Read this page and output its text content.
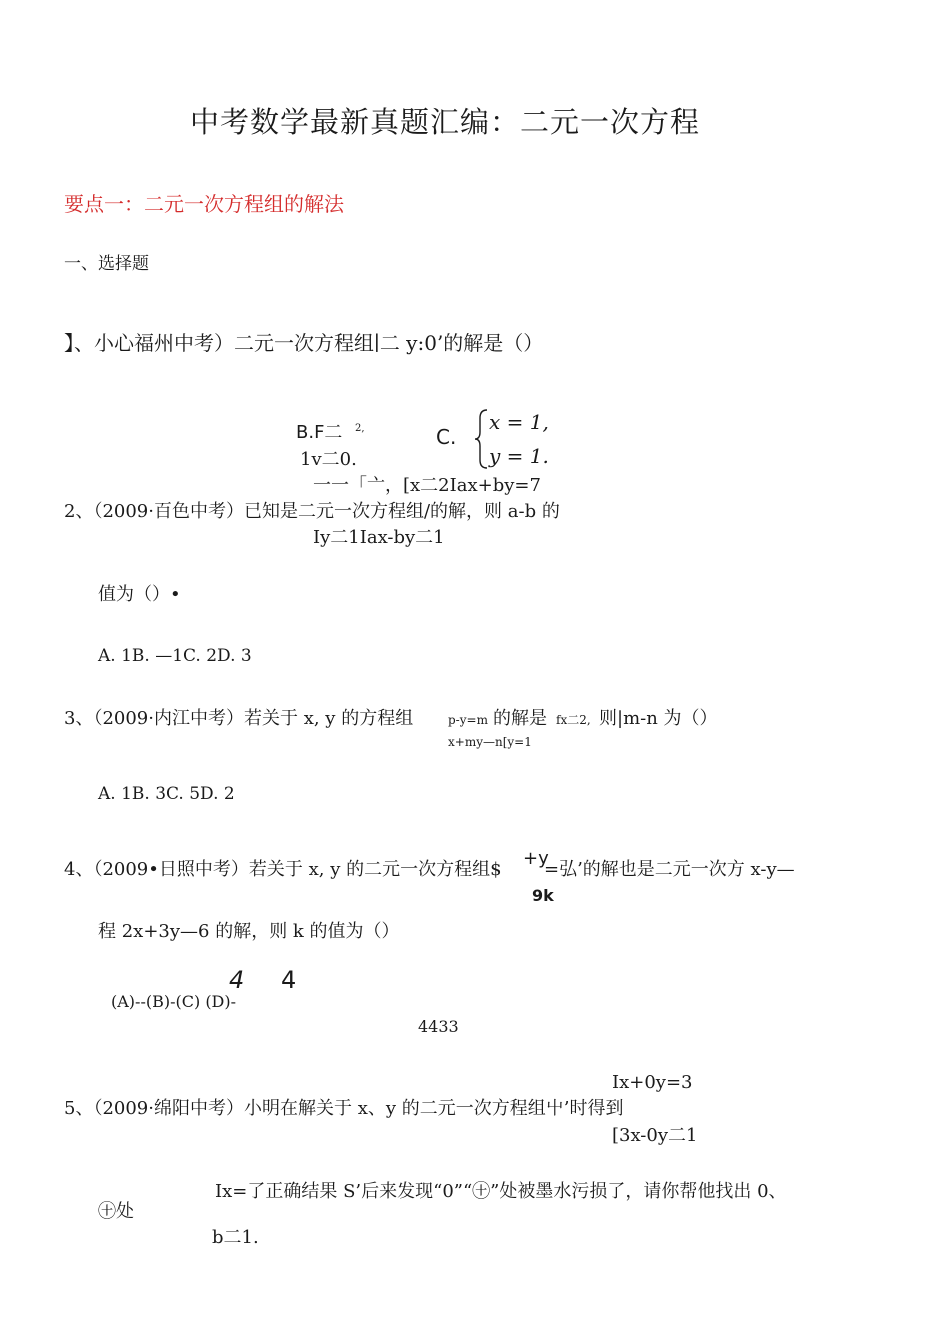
中考数学最新真题汇编：二元一次方程
要点一：二元一次方程组的解法
一、选择题
】、小心福州中考）二元一次方程组∣二 y:0’的解是（）
B.F二 2,
1v二0.
C.
x = 1,
y = 1.
一一「亠，[x二2Iax+by=7
2、（2009·百色中考）已知是二元一次方程组/的解，则 a-b 的
Iy二1Iax-by二1
值为（）•
A. 1B. —1C. 2D. 3
3、（2009·内江中考）若关于 x, y 的方程组	p-y=m
x+my—n[y=1
的解是 fx二2, 则|m-n 为（）
A. 1B. 3C. 5D. 2
4、（2009•日照中考）若关于 x, y 的二元一次方程组$
+y
=弘’的解也是二元一次方 x-y—
9k
程 2x+3y—6 的解，则 k 的值为（）
4 4
(A)--(B)-(C) (D)-
4433
Ix+0y=3
5、（2009·绵阳中考）小明在解关于 x、y 的二元一次方程组屮’时得到
[3x-0y二1
Ix=了正确结果 S’后来发现“0”“㊉”处被墨水污损了，请你帮他找出 0、
㊉处
b二1.
